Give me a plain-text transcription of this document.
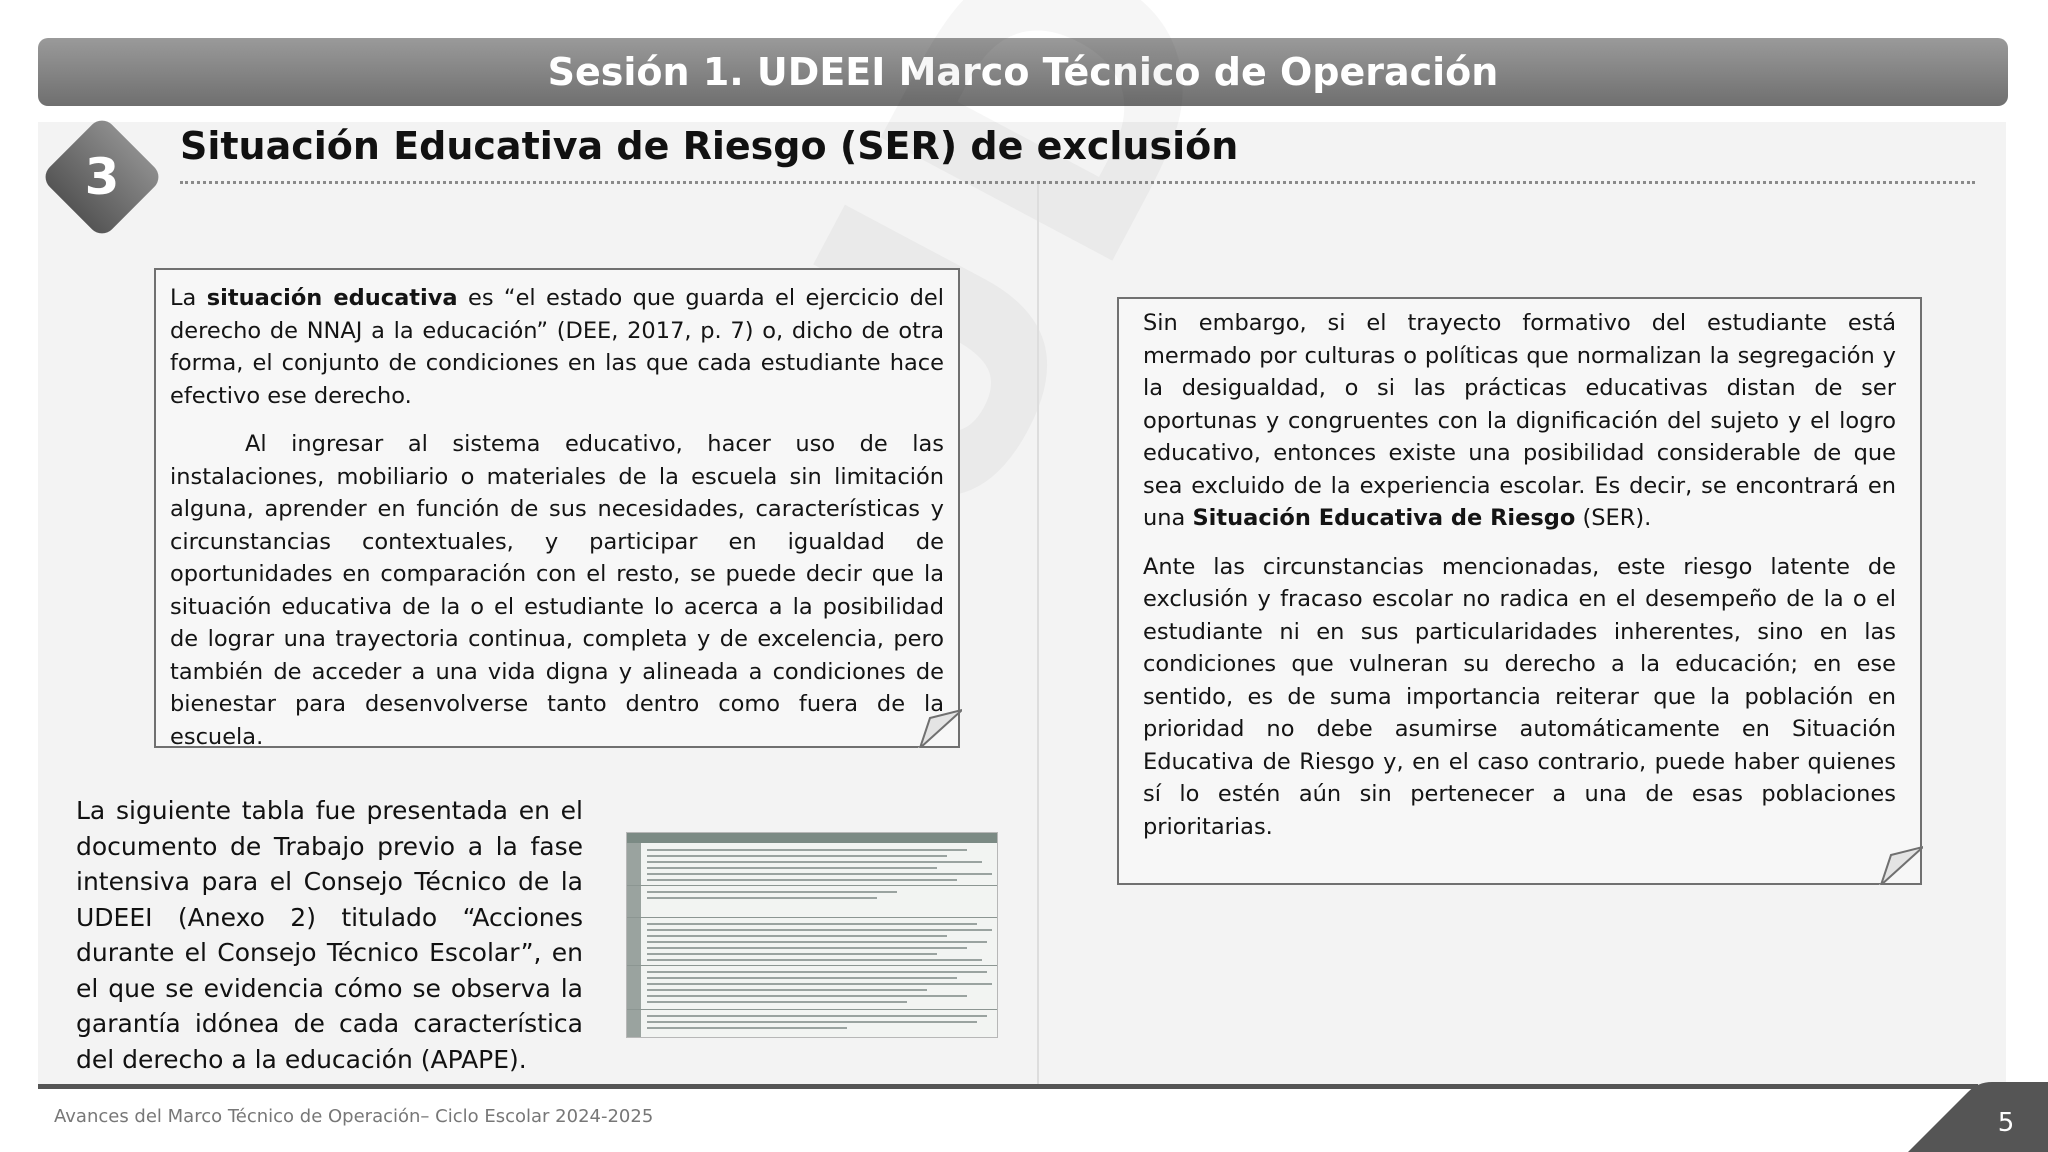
Sesión 1. UDEEI Marco Técnico de Operación
3
Situación Educativa de Riesgo (SER) de exclusión

La situación educativa es “el estado que guarda el ejercicio del derecho de NNAJ a la educación” (DEE, 2017, p. 7) o, dicho de otra forma, el conjunto de condiciones en las que cada estudiante hace efectivo ese derecho.

Al ingresar al sistema educativo, hacer uso de las instalaciones, mobiliario o materiales de la escuela sin limitación alguna, aprender en función de sus necesidades, características y circunstancias contextuales, y participar en igualdad de oportunidades en comparación con el resto, se puede decir que la situación educativa de la o el estudiante lo acerca a la posibilidad de lograr una trayectoria continua, completa y de excelencia, pero también de acceder a una vida digna y alineada a condiciones de bienestar para desenvolverse tanto dentro como fuera de la escuela.

Sin embargo, si el trayecto formativo del estudiante está mermado por culturas o políticas que normalizan la segregación y la desigualdad, o si las prácticas educativas distan de ser oportunas y congruentes con la dignificación del sujeto y el logro educativo, entonces existe una posibilidad considerable de que sea excluido de la experiencia escolar. Es decir, se encontrará en una Situación Educativa de Riesgo (SER).

Ante las circunstancias mencionadas, este riesgo latente de exclusión y fracaso escolar no radica en el desempeño de la o el estudiante ni en sus particularidades inherentes, sino en las condiciones que vulneran su derecho a la educación; en ese sentido, es de suma importancia reiterar que la población en prioridad no debe asumirse automáticamente en Situación Educativa de Riesgo y, en el caso contrario, puede haber quienes sí lo estén aún sin pertenecer a una de esas poblaciones prioritarias.

La siguiente tabla fue presentada en el documento de Trabajo previo a la fase intensiva para el Consejo Técnico de la UDEEI (Anexo 2) titulado “Acciones durante el Consejo Técnico Escolar”, en el que se evidencia cómo se observa la garantía idónea de cada característica del derecho a la educación (APAPE).
Avances del Marco Técnico de Operación– Ciclo Escolar 2024-2025	5
